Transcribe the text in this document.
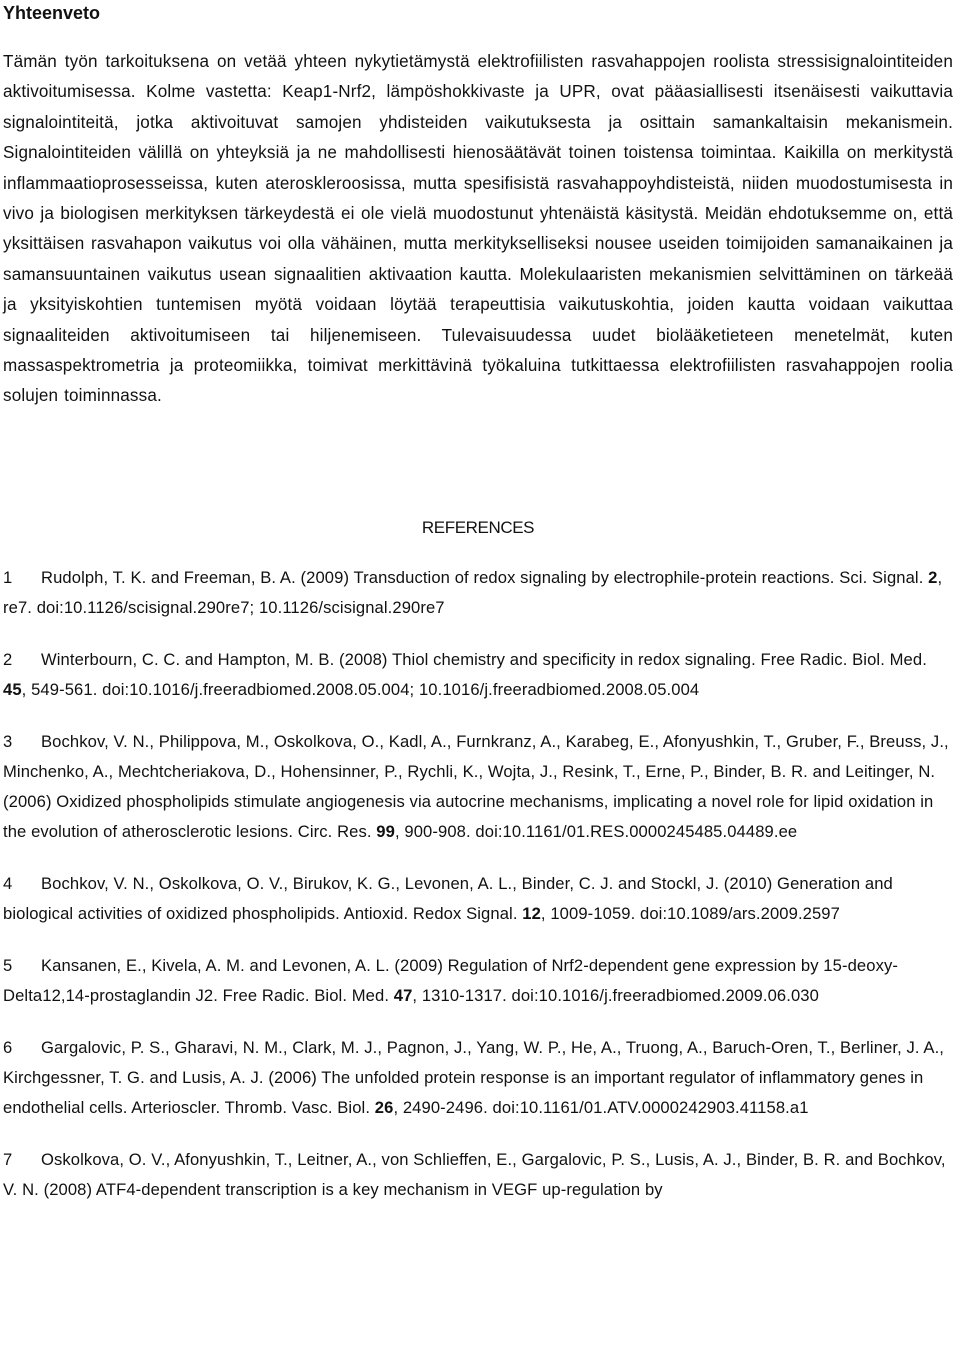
Yhteenveto
Tämän työn tarkoituksena on vetää yhteen nykytietämystä elektrofiilisten rasvahappojen roolista stressisignalointiteiden aktivoitumisessa. Kolme vastetta: Keap1-Nrf2, lämpöshokkivaste ja UPR, ovat pääasiallisesti itsenäisesti vaikuttavia signalointiteitä, jotka aktivoituvat samojen yhdisteiden vaikutuksesta ja osittain samankaltaisin mekanismein. Signalointiteiden välillä on yhteyksiä ja ne mahdollisesti hienosäätävät toinen toistensa toimintaa. Kaikilla on merkitystä inflammaatioprosesseissa, kuten ateroskleroosissa, mutta spesifisistä rasvahappoyhdisteistä, niiden muodostumisesta in vivo ja biologisen merkityksen tärkeydestä ei ole vielä muodostunut yhtenäistä käsitystä. Meidän ehdotuksemme on, että yksittäisen rasvahapon vaikutus voi olla vähäinen, mutta merkitykselliseksi nousee useiden toimijoiden samanaikainen ja samansuuntainen vaikutus usean signaalitien aktivaation kautta. Molekulaaristen mekanismien selvittäminen on tärkeää ja yksityiskohtien tuntemisen myötä voidaan löytää terapeuttisia vaikutuskohtia, joiden kautta voidaan vaikuttaa signaaliteiden aktivoitumiseen tai hiljenemiseen. Tulevaisuudessa uudet biolääketieteen menetelmät, kuten massaspektrometria ja proteomiikka, toimivat merkittävinä työkaluina tutkittaessa elektrofiilisten rasvahappojen roolia solujen toiminnassa.
REFERENCES
1 Rudolph, T. K. and Freeman, B. A. (2009) Transduction of redox signaling by electrophile-protein reactions. Sci. Signal. 2, re7. doi:10.1126/scisignal.290re7; 10.1126/scisignal.290re7
2 Winterbourn, C. C. and Hampton, M. B. (2008) Thiol chemistry and specificity in redox signaling. Free Radic. Biol. Med. 45, 549-561. doi:10.1016/j.freeradbiomed.2008.05.004; 10.1016/j.freeradbiomed.2008.05.004
3 Bochkov, V. N., Philippova, M., Oskolkova, O., Kadl, A., Furnkranz, A., Karabeg, E., Afonyushkin, T., Gruber, F., Breuss, J., Minchenko, A., Mechtcheriakova, D., Hohensinner, P., Rychli, K., Wojta, J., Resink, T., Erne, P., Binder, B. R. and Leitinger, N. (2006) Oxidized phospholipids stimulate angiogenesis via autocrine mechanisms, implicating a novel role for lipid oxidation in the evolution of atherosclerotic lesions. Circ. Res. 99, 900-908. doi:10.1161/01.RES.0000245485.04489.ee
4 Bochkov, V. N., Oskolkova, O. V., Birukov, K. G., Levonen, A. L., Binder, C. J. and Stockl, J. (2010) Generation and biological activities of oxidized phospholipids. Antioxid. Redox Signal. 12, 1009-1059. doi:10.1089/ars.2009.2597
5 Kansanen, E., Kivela, A. M. and Levonen, A. L. (2009) Regulation of Nrf2-dependent gene expression by 15-deoxy-Delta12,14-prostaglandin J2. Free Radic. Biol. Med. 47, 1310-1317. doi:10.1016/j.freeradbiomed.2009.06.030
6 Gargalovic, P. S., Gharavi, N. M., Clark, M. J., Pagnon, J., Yang, W. P., He, A., Truong, A., Baruch-Oren, T., Berliner, J. A., Kirchgessner, T. G. and Lusis, A. J. (2006) The unfolded protein response is an important regulator of inflammatory genes in endothelial cells. Arterioscler. Thromb. Vasc. Biol. 26, 2490-2496. doi:10.1161/01.ATV.0000242903.41158.a1
7 Oskolkova, O. V., Afonyushkin, T., Leitner, A., von Schlieffen, E., Gargalovic, P. S., Lusis, A. J., Binder, B. R. and Bochkov, V. N. (2008) ATF4-dependent transcription is a key mechanism in VEGF up-regulation by
